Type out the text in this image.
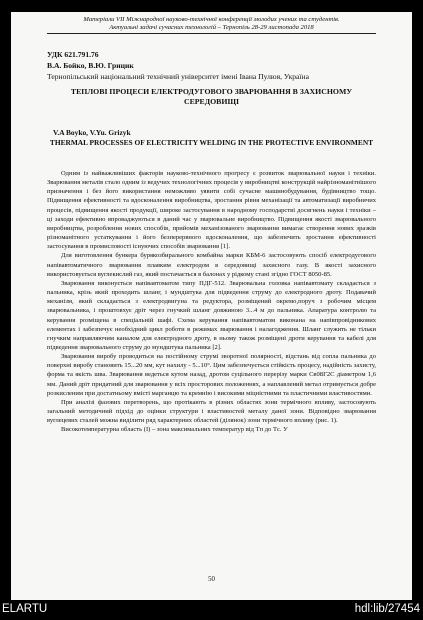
Матеріали VII Міжнародної науково-технічної конференції молодих учених та студентів.
Актуальні задачі сучасних технологій – Тернопіль 28-29 листопада 2018
УДК 621.791.76
В.А. Бойко, В.Ю. Грицик
Тернопільський національний технічний університет імені Івана Пулюя, Україна
ТЕПЛОВІ ПРОЦЕСИ ЕЛЕКТРОДУГОВОГО ЗВАРЮВАННЯ В ЗАХИСНОМУ СЕРЕДОВИЩІ
V.A Boyko, V.Yu. Grizyk
THERMAL PROCESSES OF ELECTRICITY WELDING IN THE PROTECTIVE ENVIRONMENT

Одним із найважливіших факторів науково-технічного прогресу є розвиток зварювальної науки і техніки. Зварювання металів стало одним із ведучих технологічних процесів у виробництві конструкцій найрізноманітнішого призначення і без його використання неможливо уявити собі сучасне машинобудування, будівництво тощо. Підвищення ефективності та вдосконалення виробництва, зростання рівня механізації та автоматизації виробничих процесів, підвищення якості продукції, широке застосування в народному господарстві досягнень науки і техніки – ці заходи ефективно впроваджуються в даний час у зварювальне виробництво. Підвищення якості зварювального виробництва, розроблення нових способів, прийомів механізованого зварювання вимагає створення нових зразків різноманітного устаткування і його безперервного вдосконалення, що забезпечить зростання ефективності застосування в промисловості існуючих способів зварювання [1].

Для виготовлення бункера бурякозбирального комбайна марки КБМ-6 застосовують спосіб електродугового напівавтоматичного зварювання плавким електродом в середовищі захисного газу. В якості захисного використовується вуглекислий газ, який постачається в балонах у рідкому стані згідно ГОСТ 8050-85.

Зварювання виконується напівавтоматом типу ПДГ-512. Зварювальна головка напівавтомату складається з пальника, крізь який проходить шланг, і мундштука для підведення струму до електродного дроту. Подавачий механізм, який складається з електродвигуна та редуктора, розміщений окремо,поруч з робочим місцем зварювальника, і проштовхує дріт через гнучкий шланг довжиною 3...4 м до пальника. Апаратура контролю та керування розміщена в спеціальній шафі. Схема керування напівавтоматом виконана на напівпровідникових елементах і забезпечує необхідний цикл роботи в режимах зварювання і налагодження. Шланг служить не тільки гнучким направляючим каналом для електродного дроту, в ньому також розміщені дроти керування та кабелі для підведення зварювального струму до мундштука пальника [2].

Зварювання виробу проводиться на постійному струмі зворотної полярності, відстань від сопла пальника до поверхні виробу становить 15...20 мм, кут нахилу - 5...10°. Цим забезпечується стійкість процесу, надійність захисту, форма та якість шва. Зварювання ведеться кутом назад, дротом суцільного перерізу марки Св08Г2С діаметром 1,6 мм. Даний дріт придатний для зварювання у всіх просторових положеннях, а наплавлений метал отримується добре розкисленим при достатньому вмісті марганцю та кремнію і високими міцністними та пластичними властивостями.

При аналізі фазових перетворень, що протікають в різних областях зони термічного впливу, застосовують загальний методичний підхід до оцінки структури і властивостей металу даної зони. Відповідно зварювання вуглецевих сталей можна виділити ряд характерних областей (ділянок) зони термічного впливу (рис. 1).

Високотемпературна область (I) – зона максимальних температур від Tп до Tс. У

50
ELARTU	hdl:lib/27454
